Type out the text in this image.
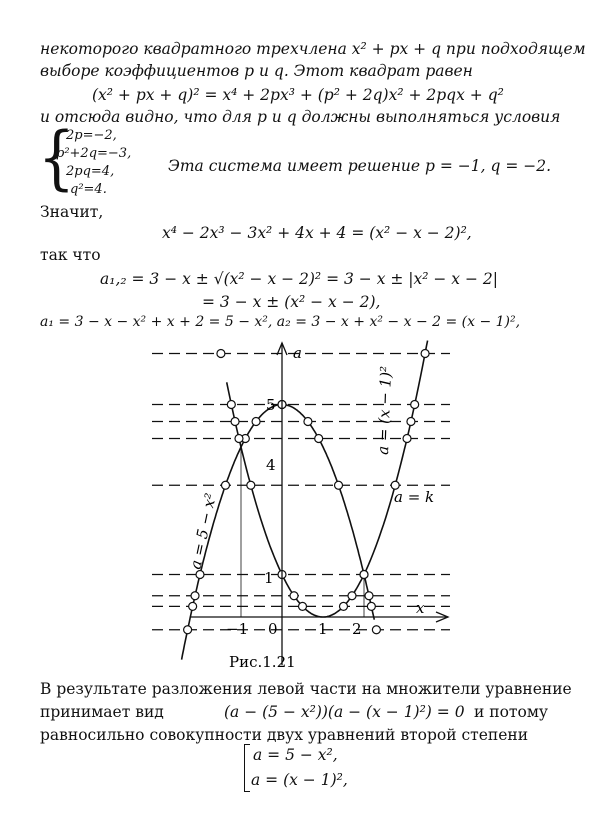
некоторого квадратного трехчлена x² + px + q при подходящем
выборе коэффициентов p и q. Этот квадрат равен
(x² + px + q)² = x⁴ + 2px³ + (p² + 2q)x² + 2pqx + q²
и отсюда видно, что для p и q должны выполняться условия
{
2p=−2,
p²+2q=−3,
2pq=4,
q²=4.
Эта система имеет решение p = −1, q = −2.
Значит,
x⁴ − 2x³ − 3x² + 4x + 4 = (x² − x − 2)²,
так что
a₁,₂ = 3 − x ± √(x² − x − 2)² = 3 − x ± |x² − x − 2|
= 3 − x ± (x² − x − 2),
a₁ = 3 − x − x² + x + 2 = 5 − x², a₂ = 3 − x + x² − x − 2 = (x − 1)²,
a
x
5
4
1
−1 0	1 2
a = 5 − x²
a = (x − 1)²
a = k
Рис.1.21
В результате разложения левой части на множители уравнение
принимает вид	(a − (5 − x²))(a − (x − 1)²) = 0 и потому
равносильно совокупности двух уравнений второй степени
a = 5 − x²,
a = (x − 1)²,
